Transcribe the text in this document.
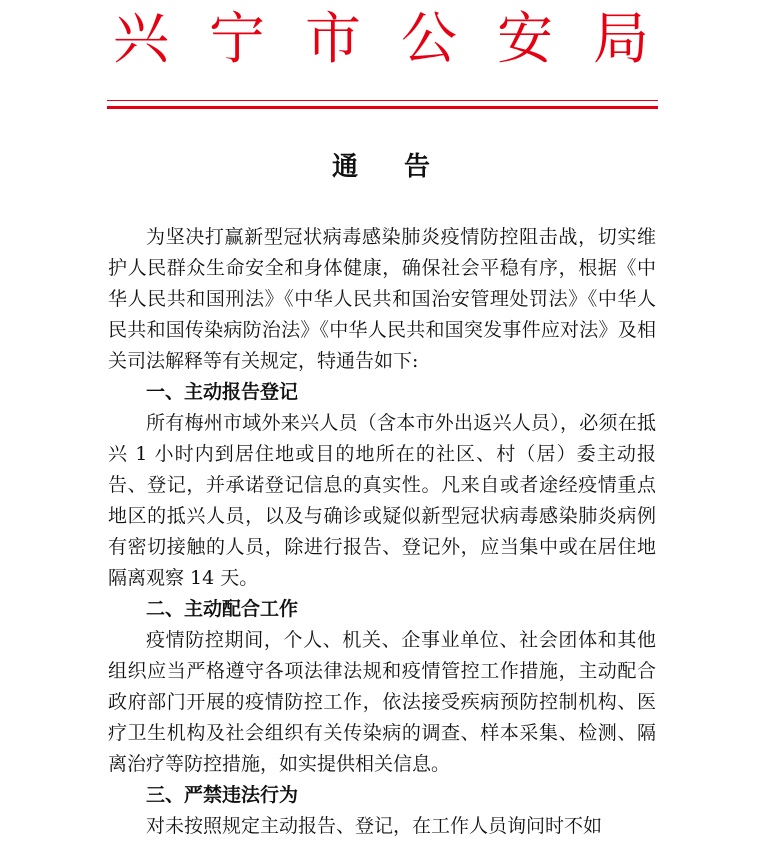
兴宁市公安局
通告

为坚决打赢新型冠状病毒感染肺炎疫情防控阻击战，切实维护人民群众生命安全和身体健康，确保社会平稳有序，根据《中华人民共和国刑法》《中华人民共和国治安管理处罚法》《中华人民共和国传染病防治法》《中华人民共和国突发事件应对法》及相关司法解释等有关规定，特通告如下:

一、主动报告登记

所有梅州市域外来兴人员（含本市外出返兴人员），必须在抵兴 1 小时内到居住地或目的地所在的社区、村（居）委主动报告、登记，并承诺登记信息的真实性。凡来自或者途经疫情重点地区的抵兴人员，以及与确诊或疑似新型冠状病毒感染肺炎病例有密切接触的人员，除进行报告、登记外，应当集中或在居住地隔离观察 14 天。

二、主动配合工作

疫情防控期间，个人、机关、企事业单位、社会团体和其他组织应当严格遵守各项法律法规和疫情管控工作措施，主动配合政府部门开展的疫情防控工作，依法接受疾病预防控制机构、医疗卫生机构及社会组织有关传染病的调查、样本采集、检测、隔离治疗等防控措施，如实提供相关信息。

三、严禁违法行为

对未按照规定主动报告、登记，在工作人员询问时不如
